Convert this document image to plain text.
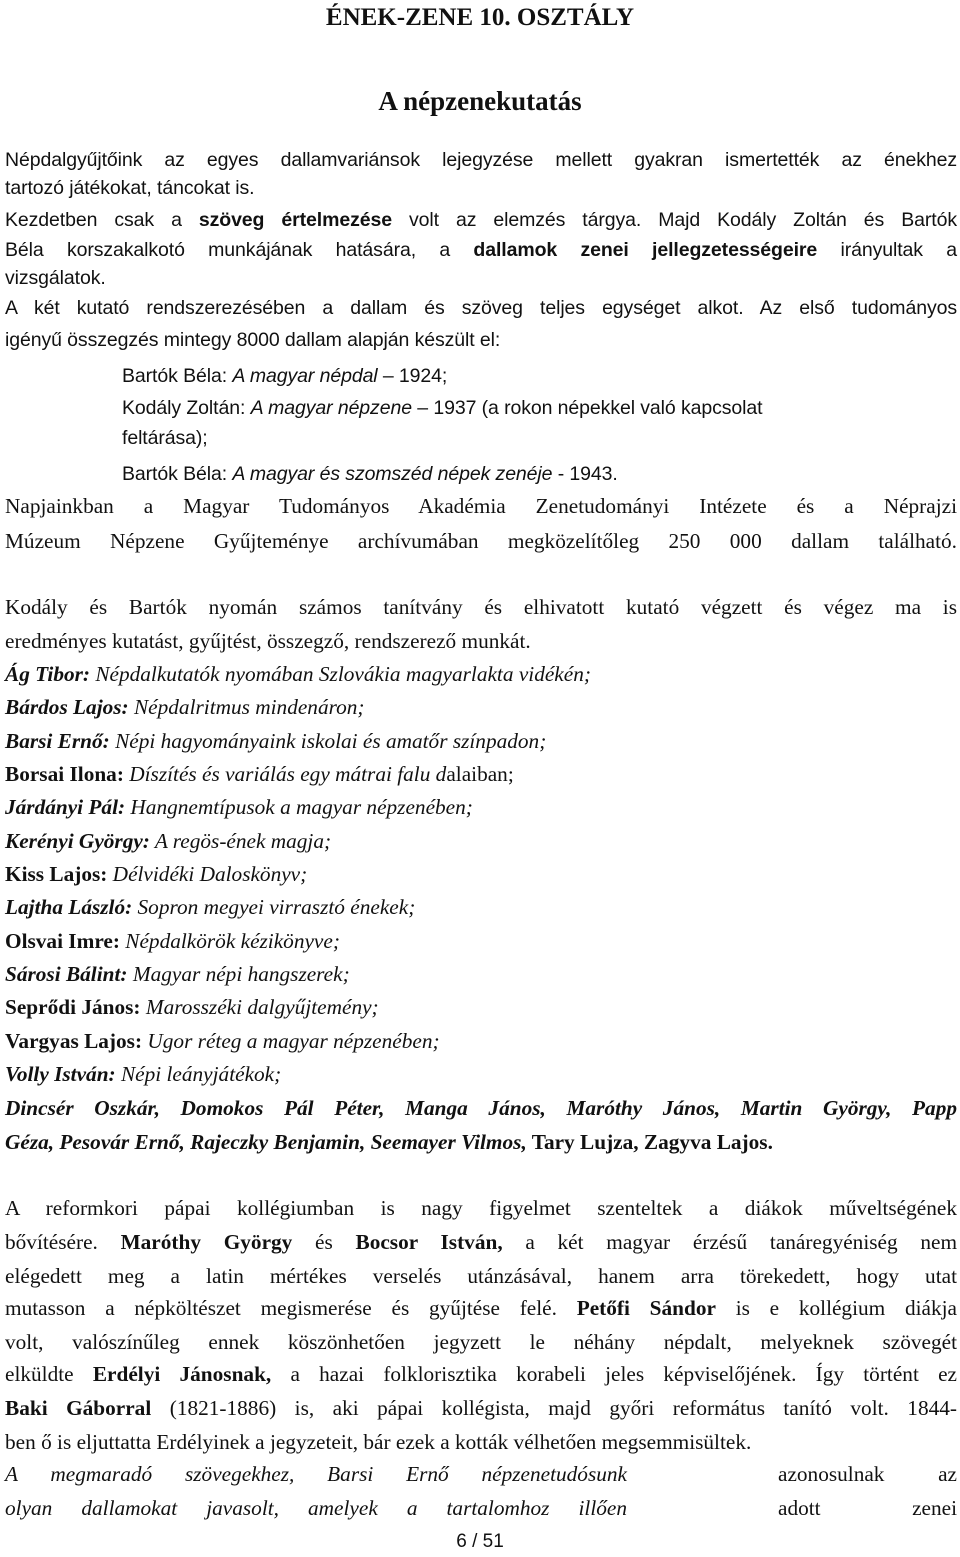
ÉNEK-ZENE 10. OSZTÁLY
A népzenekutatás
Népdalgyűjtőink az egyes dallamvariánsok lejegyzése mellett gyakran ismertették az énekhez
tartozó játékokat, táncokat is.
Kezdetben csak a szöveg értelmezése volt az elemzés tárgya. Majd Kodály Zoltán és Bartók
Béla korszakalkotó munkájának hatására, a dallamok zenei jellegzetességeire irányultak a
vizsgálatok.
A két kutató rendszerezésében a dallam és szöveg teljes egységet alkot. Az első tudományos
igényű összegzés mintegy 8000 dallam alapján készült el:
Bartók Béla: A magyar népdal – 1924;
Kodály Zoltán: A magyar népzene – 1937 (a rokon népekkel való kapcsolat
feltárása);
Bartók Béla: A magyar és szomszéd népek zenéje - 1943.
Napjainkban a Magyar Tudományos Akadémia Zenetudományi Intézete és a Néprajzi
Múzeum Népzene Gyűjteménye archívumában megközelítőleg 250 000 dallam található.
Kodály és Bartók nyomán számos tanítvány és elhivatott kutató végzett és végez ma is
eredményes kutatást, gyűjtést, összegző, rendszerező munkát.
Ág Tibor: Népdalkutatók nyomában Szlovákia magyarlakta vidékén;
Bárdos Lajos: Népdalritmus mindenáron;
Barsi Ernő: Népi hagyományaink iskolai és amatőr színpadon;
Borsai Ilona: Díszítés és variálás egy mátrai falu dalaiban;
Járdányi Pál: Hangnemtípusok a magyar népzenében;
Kerényi György: A regös-ének magja;
Kiss Lajos: Délvidéki Daloskönyv;
Lajtha László: Sopron megyei virrasztó énekek;
Olsvai Imre: Népdalkörök kézikönyve;
Sárosi Bálint: Magyar népi hangszerek;
Seprődi János: Marosszéki dalgyűjtemény;
Vargyas Lajos: Ugor réteg a magyar népzenében;
Volly István: Népi leányjátékok;
Dincsér Oszkár, Domokos Pál Péter, Manga János, Maróthy János, Martin György, Papp
Géza, Pesovár Ernő, Rajeczky Benjamin, Seemayer Vilmos, Tary Lujza, Zagyva Lajos.
A reformkori pápai kollégiumban is nagy figyelmet szenteltek a diákok műveltségének
bővítésére. Maróthy György és Bocsor István, a két magyar érzésű tanáregyéniség nem
elégedett meg a latin mértékes verselés utánzásával, hanem arra törekedett, hogy utat
mutasson a népköltészet megismerése és gyűjtése felé. Petőfi Sándor is e kollégium diákja
volt, valószínűleg ennek köszönhetően jegyzett le néhány népdalt, melyeknek szövegét
elküldte Erdélyi Jánosnak, a hazai folklorisztika korabeli jeles képviselőjének. Így történt ez
Baki Gáborral (1821-1886) is, aki pápai kollégista, majd győri református tanító volt. 1844-
ben ő is eljuttatta Erdélyinek a jegyzeteit, bár ezek a kották vélhetően megsemmisültek.
A megmaradó szövegekhez, Barsi Ernő népzenetudósunk	azonosulnak az
olyan dallamokat javasolt, amelyek a tartalomhoz illően	adott zenei
6 / 51
